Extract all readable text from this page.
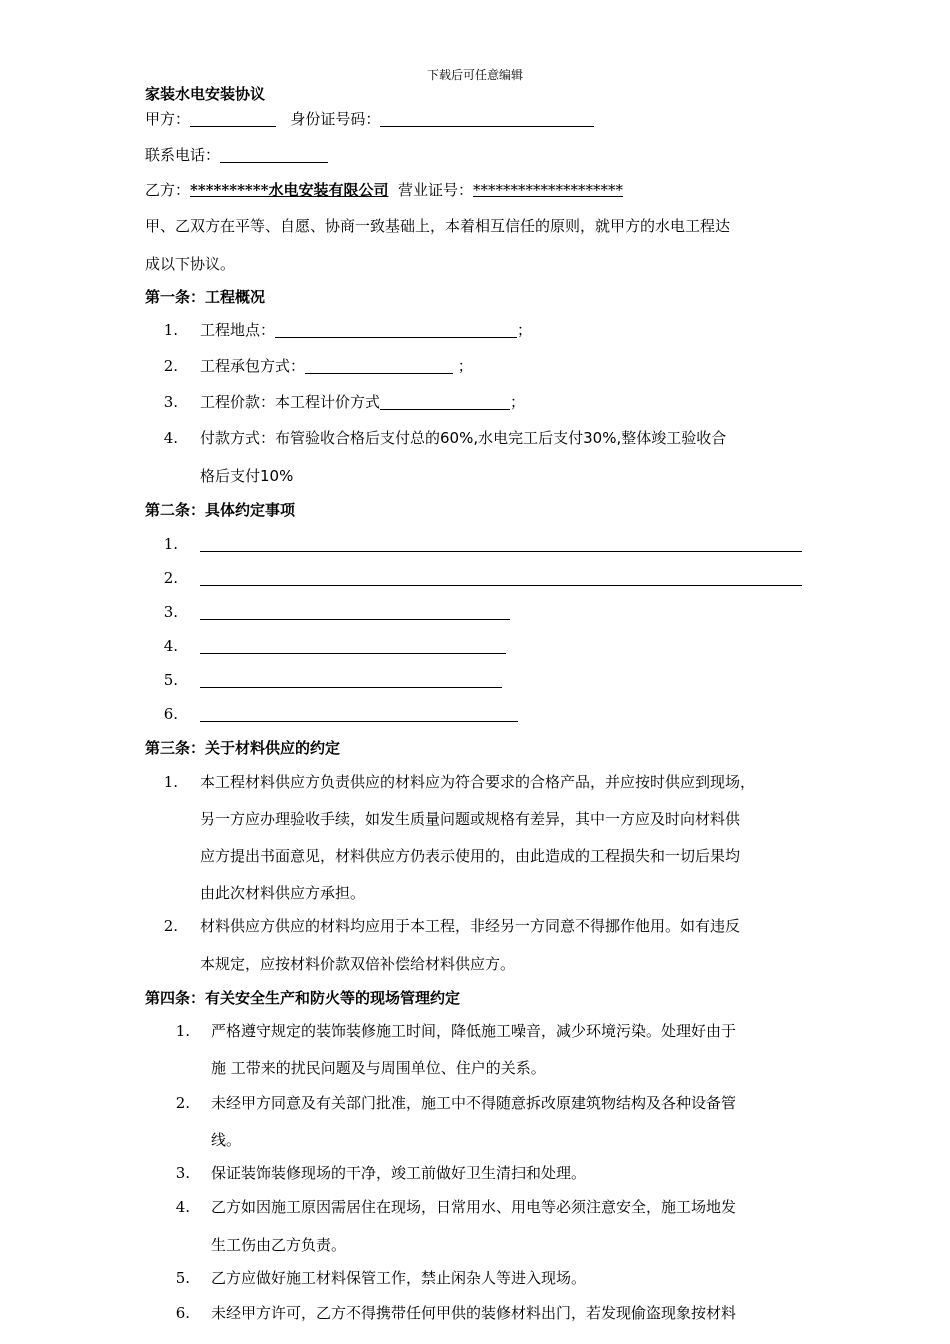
下载后可任意编辑
家装水电安装协议
甲方：	身份证号码：
联系电话：
乙方：**********水电安装有限公司 营业证号：********************
甲、乙双方在平等、自愿、协商一致基础上，本着相互信任的原则，就甲方的水电工程达
成以下协议。
第一条：工程概况
1. 工程地点：	；
2. 工程承包方式：	；
3. 工程价款：本工程计价方式	；
4. 付款方式：布管验收合格后支付总的60%,水电完工后支付30%,整体竣工验收合
格后支付10%
第二条：具体约定事项
1.
2.
3.
4.
5.
6.
第三条：关于材料供应的约定
1. 本工程材料供应方负责供应的材料应为符合要求的合格产品，并应按时供应到现场，
另一方应办理验收手续，如发生质量问题或规格有差异，其中一方应及时向材料供
应方提出书面意见，材料供应方仍表示使用的，由此造成的工程损失和一切后果均
由此次材料供应方承担。
2. 材料供应方供应的材料均应用于本工程，非经另一方同意不得挪作他用。如有违反
本规定，应按材料价款双倍补偿给材料供应方。
第四条：有关安全生产和防火等的现场管理约定
1. 严格遵守规定的装饰装修施工时间，降低施工噪音，减少环境污染。处理好由于
施 工带来的扰民问题及与周围单位、住户的关系。
2. 未经甲方同意及有关部门批准，施工中不得随意拆改原建筑物结构及各种设备管
线。
3. 保证装饰装修现场的干净，竣工前做好卫生清扫和处理。
4. 乙方如因施工原因需居住在现场，日常用水、用电等必须注意安全，施工场地发
生工伤由乙方负责。
5. 乙方应做好施工材料保管工作，禁止闲杂人等进入现场。
6. 未经甲方许可，乙方不得携带任何甲供的装修材料出门，若发现偷盗现象按材料
